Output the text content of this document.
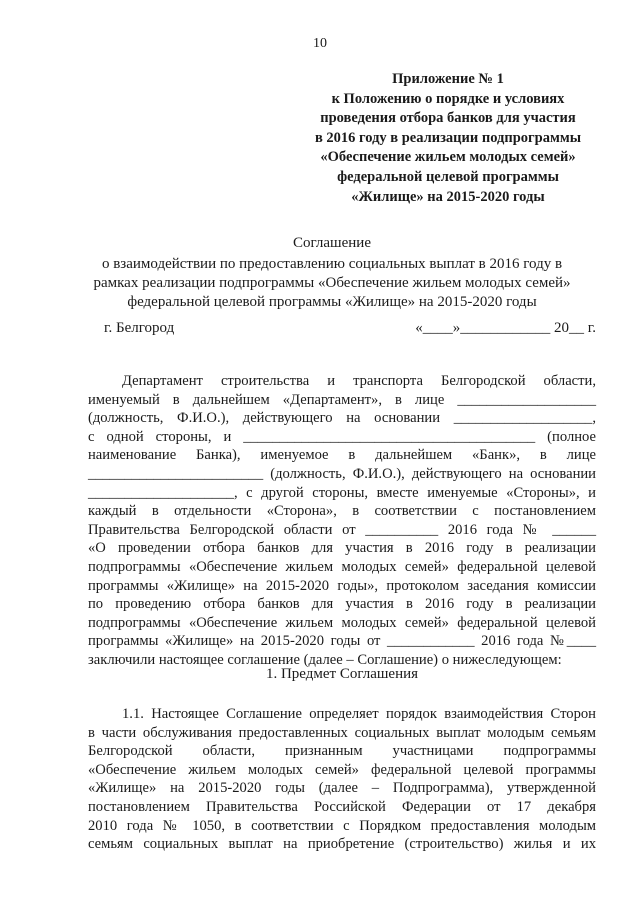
10
Приложение № 1
к Положению о порядке и условиях
проведения отбора банков для участия
в 2016 году в реализации подпрограммы
«Обеспечение жильем молодых семей»
федеральной целевой программы
«Жилище» на 2015-2020 годы
Соглашение
о взаимодействии по предоставлению социальных выплат в 2016 году в
рамках реализации подпрограммы «Обеспечение жильем молодых семей»
федеральной целевой программы «Жилище» на 2015-2020 годы
г. Белгород	«____»____________ 20__ г.
Департамент строительства и транспорта Белгородской области,
именуемый в дальнейшем «Департамент», в лице ___________________
(должность, Ф.И.О.), действующего на основании ___________________,
с одной стороны, и ________________________________________ (полное
наименование Банка), именуемое в дальнейшем «Банк», в лице
________________________ (должность, Ф.И.О.), действующего на основании
____________________, с другой стороны, вместе именуемые «Стороны», и
каждый в отдельности «Сторона», в соответствии с постановлением
Правительства Белгородской области от __________ 2016 года № ______
«О проведении отбора банков для участия в 2016 году в реализации
подпрограммы «Обеспечение жильем молодых семей» федеральной целевой
программы «Жилище» на 2015-2020 годы», протоколом заседания комиссии
по проведению отбора банков для участия в 2016 году в реализации
подпрограммы «Обеспечение жильем молодых семей» федеральной целевой
программы «Жилище» на 2015-2020 годы от ____________ 2016 года №____
заключили настоящее соглашение (далее – Соглашение) о нижеследующем:
1. Предмет Соглашения
1.1. Настоящее Соглашение определяет порядок взаимодействия Сторон
в части обслуживания предоставленных социальных выплат молодым семьям
Белгородской области, признанным участницами подпрограммы
«Обеспечение жильем молодых семей» федеральной целевой программы
«Жилище» на 2015-2020 годы (далее – Подпрограмма), утвержденной
постановлением Правительства Российской Федерации от 17 декабря
2010 года № 1050, в соответствии с Порядком предоставления молодым
семьям социальных выплат на приобретение (строительство) жилья и их
